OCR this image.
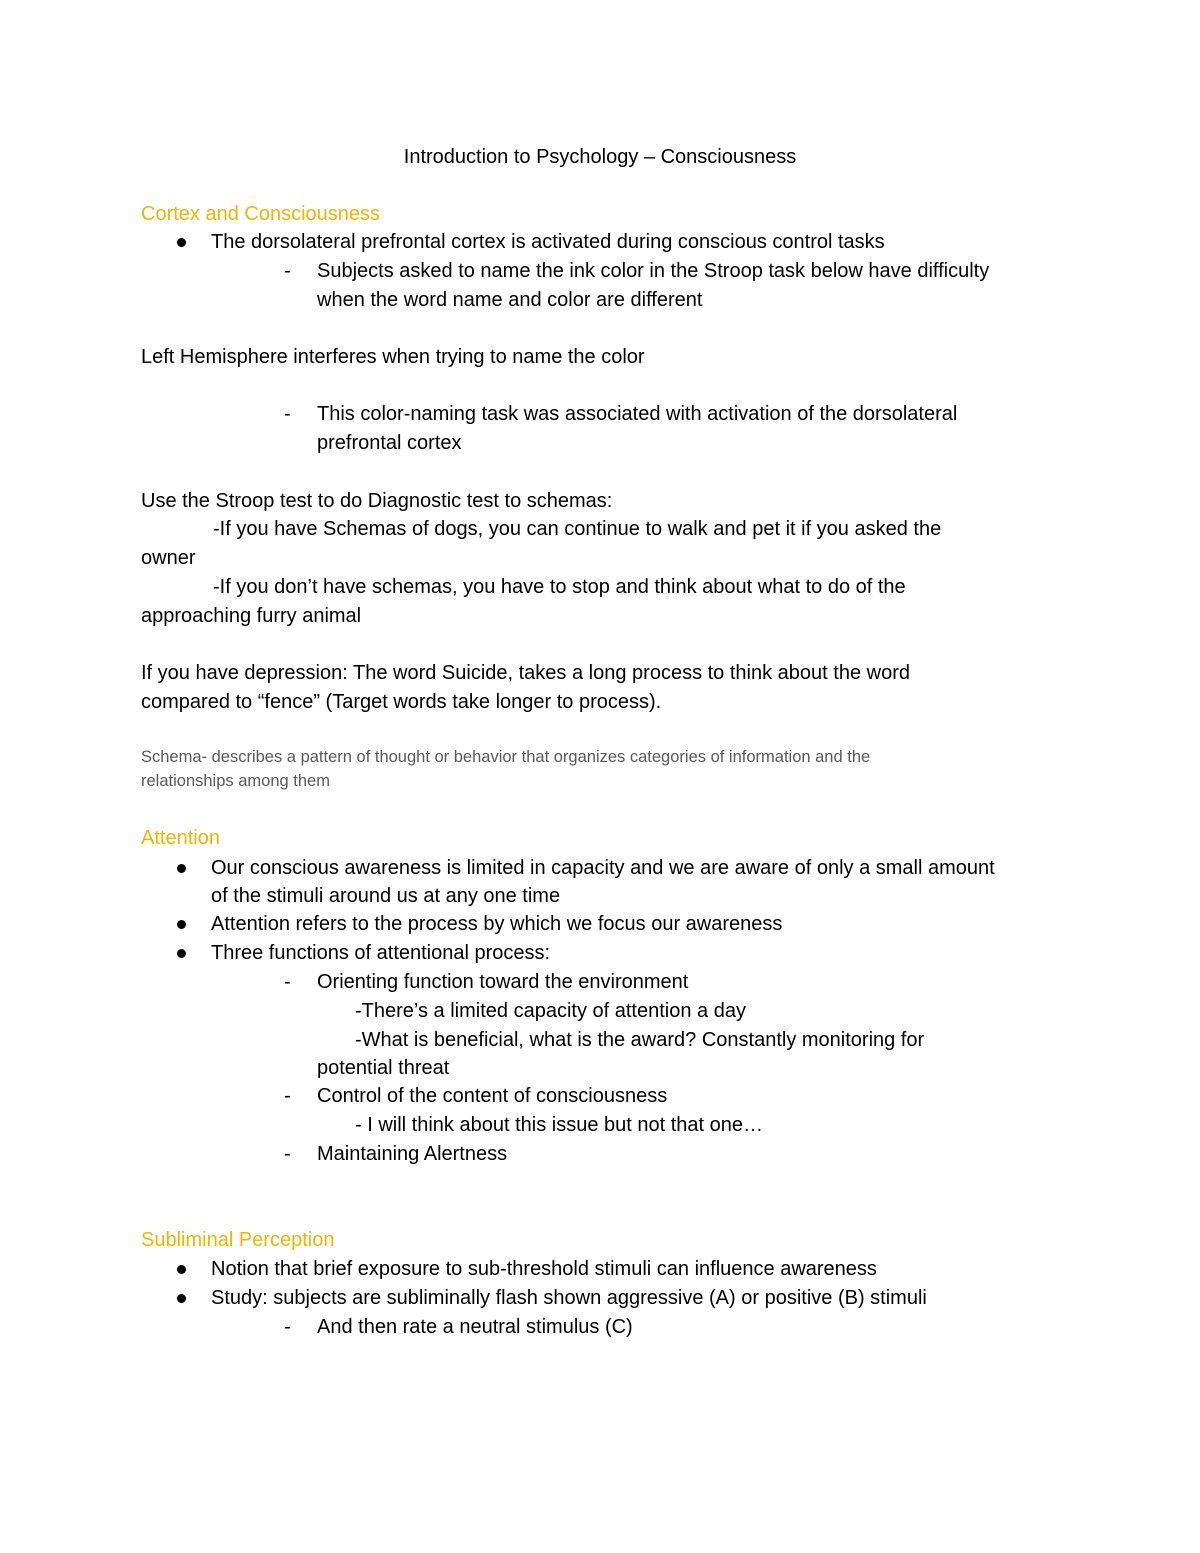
Introduction to Psychology – Consciousness
Cortex and Consciousness
The dorsolateral prefrontal cortex is activated during conscious control tasks
- Subjects asked to name the ink color in the Stroop task below have difficulty
when the word name and color are different
Left Hemisphere interferes when trying to name the color
- This color-naming task was associated with activation of the dorsolateral
prefrontal cortex
Use the Stroop test to do Diagnostic test to schemas:
-If you have Schemas of dogs, you can continue to walk and pet it if you asked the
owner
-If you don’t have schemas, you have to stop and think about what to do of the
approaching furry animal
If you have depression: The word Suicide, takes a long process to think about the word
compared to “fence” (Target words take longer to process).
Schema- describes a pattern of thought or behavior that organizes categories of information and the
relationships among them
Attention
Our conscious awareness is limited in capacity and we are aware of only a small amount
of the stimuli around us at any one time
Attention refers to the process by which we focus our awareness
Three functions of attentional process:
- Orienting function toward the environment
-There’s a limited capacity of attention a day
-What is beneficial, what is the award? Constantly monitoring for
potential threat
- Control of the content of consciousness
- I will think about this issue but not that one…
- Maintaining Alertness
Subliminal Perception
Notion that brief exposure to sub-threshold stimuli can influence awareness
Study: subjects are subliminally flash shown aggressive (A) or positive (B) stimuli
- And then rate a neutral stimulus (C)
